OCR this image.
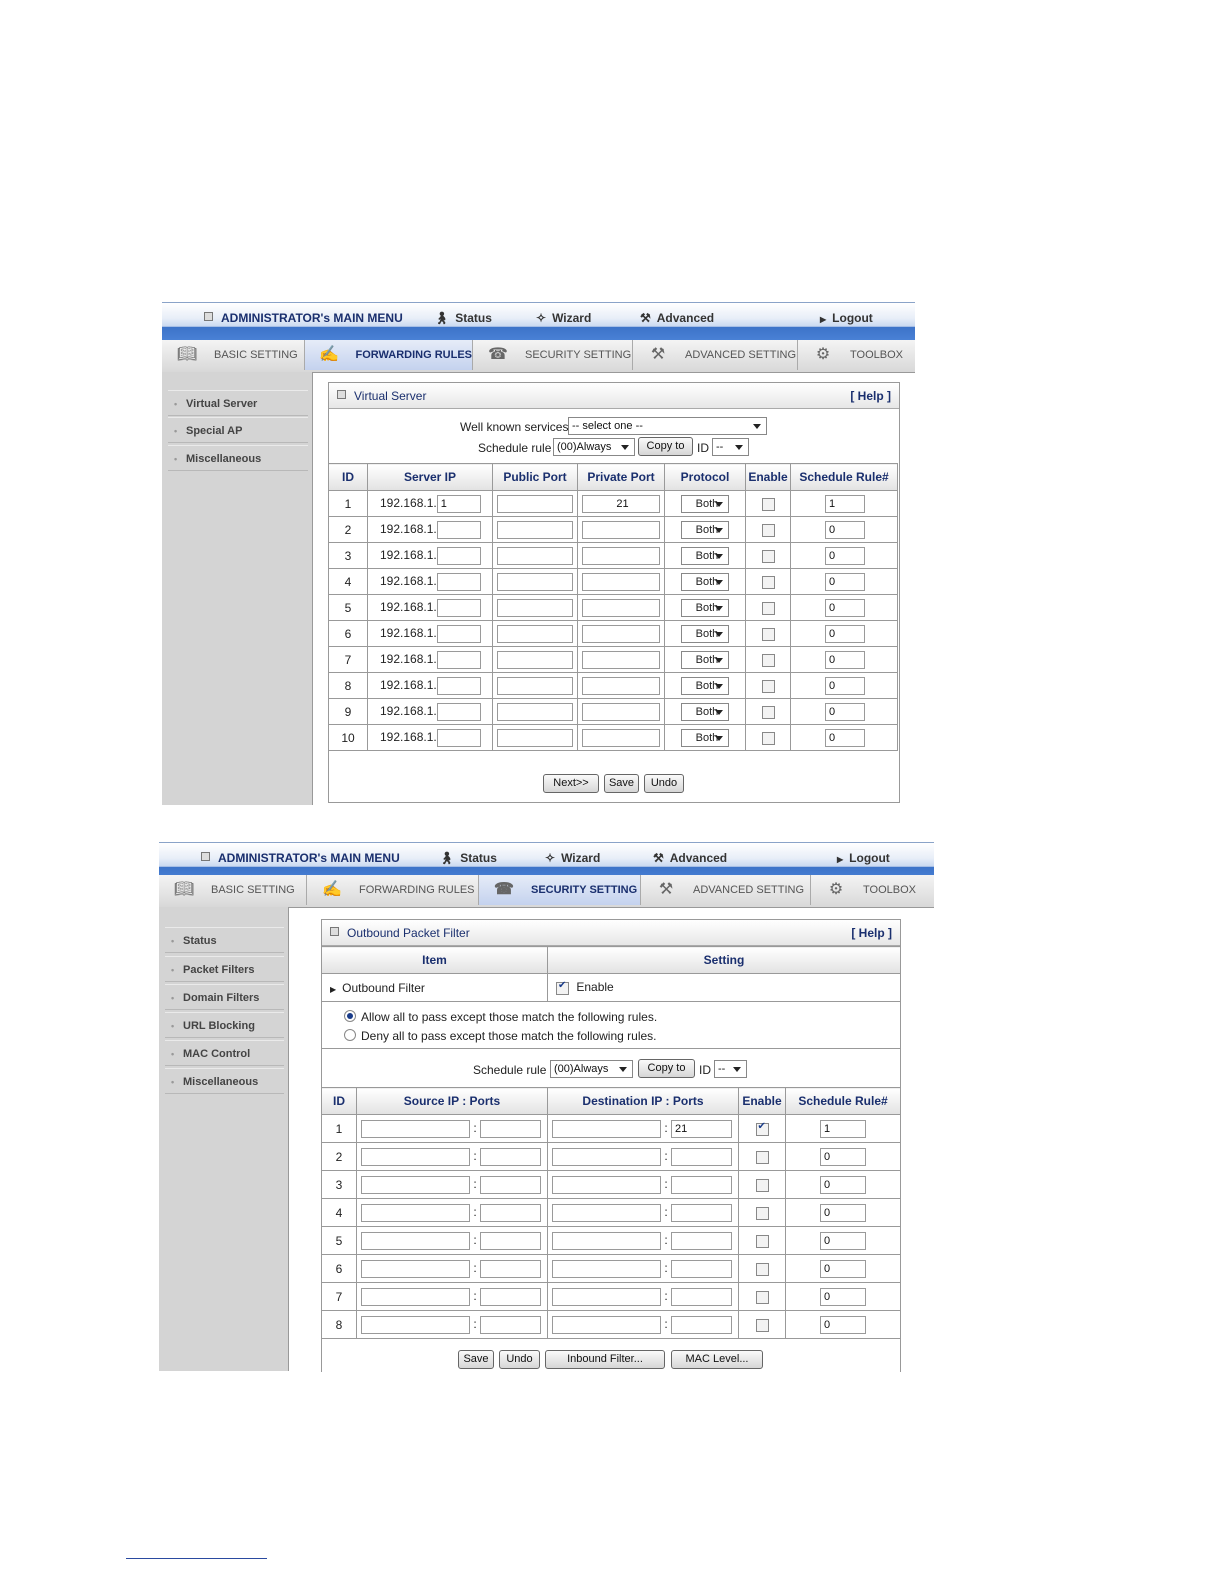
ADMINISTRATOR's MAIN MENU	🚶︎ Status	✧ Wizard	⚒ Advanced	▶ Logout
📖︎ BASIC SETTING ✍ FORWARDING RULES ☎ SECURITY SETTING	⚒	ADVANCED SETTING	⚙	TOOLBOX
• Virtual Server
• Special AP
• Miscellaneous
Virtual Server	[ Help ]
Well known services -- select one --
Schedule rule (00)Always	Copy to	ID --
ID	Server IP	Public Port	Private Port	Protocol	Enable	Schedule Rule#
1	192.168.1. 1		21	Both		1
2	192.168.1.			Both		0
3	192.168.1.			Both		0
4	192.168.1.			Both		0
5	192.168.1.			Both		0
6	192.168.1.			Both		0
7	192.168.1.			Both		0
8	192.168.1.			Both		0
9	192.168.1.			Both		0
10	192.168.1.			Both		0
Next>>	Save	Undo
ADMINISTRATOR's MAIN MENU	🚶︎ Status	✧ Wizard	⚒ Advanced	▶ Logout
📖︎ BASIC SETTING ✍ FORWARDING RULES ☎ SECURITY SETTING	⚒	ADVANCED SETTING	⚙	TOOLBOX
• Status
• Packet Filters
• Domain Filters
• URL Blocking
• MAC Control
• Miscellaneous
Outbound Packet Filter	[ Help ]
Item	Setting
▶ Outbound Filter	✔Enable
Allow all to pass except those match the following rules.
Deny all to pass except those match the following rules.
Schedule rule (00)Always	Copy to	ID --
ID	Source IP : Ports	Destination IP : Ports	Enable	Schedule Rule#
1	:	: 21	✔	1
2	:	:		0
3	:	:		0
4	:	:		0
5	:	:		0
6	:	:		0
7	:	:		0
8	:	:		0
Save	Undo	Inbound Filter...	MAC Level...
